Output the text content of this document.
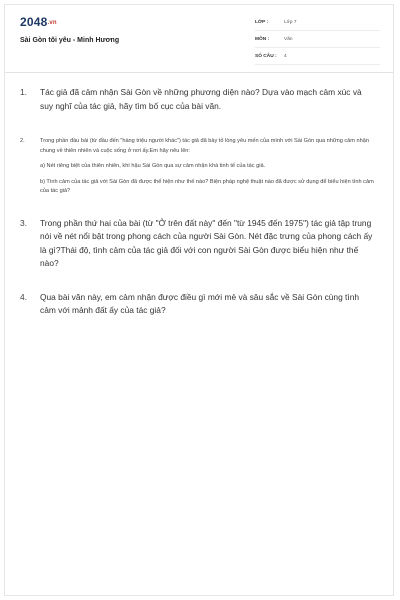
2048.vn
Sài Gòn tôi yêu - Minh Hương
LỚP :	Lớp 7
MÔN :	Văn
SỐ CÂU : 4
1. Tác giả đã cảm nhận Sài Gòn về những phương diện nào? Dựa vào mạch cảm xúc và suy nghĩ của tác giả, hãy tìm bố cục của bài văn.
2.	Trong phần đầu bài (từ đầu đến "hàng triệu người khác") tác giả đã bày tỏ lòng yêu mến của mình với Sài Gòn qua những cảm nhận chung về thiên nhiên và cuộc sống ở nơi ấy.Em hãy nêu lên:
a) Nét riêng biệt của thiên nhiên, khí hậu Sài Gòn qua sự cảm nhận khá tinh tế của tác giả.
b) Tình cảm của tác giả với Sài Gòn đã được thể hiện như thế nào? Biện pháp nghệ thuật nào đã được sử dụng để biểu hiện tình cảm của tác giả?
3. Trong phần thứ hai của bài (từ "Ở trên đất này" đến "từ 1945 đến 1975") tác giả tập trung nói về nét nổi bật trong phong cách của người Sài Gòn. Nét đặc trưng của phong cách ấy là gì?Thái độ, tình cảm của tác giả đối với con người Sài Gòn được biểu hiện như thế nào?
4. Qua bài văn này, em cảm nhận được điều gì mới mẻ và sâu sắc về Sài Gòn cùng tình cảm với mảnh đất ấy của tác giả?
